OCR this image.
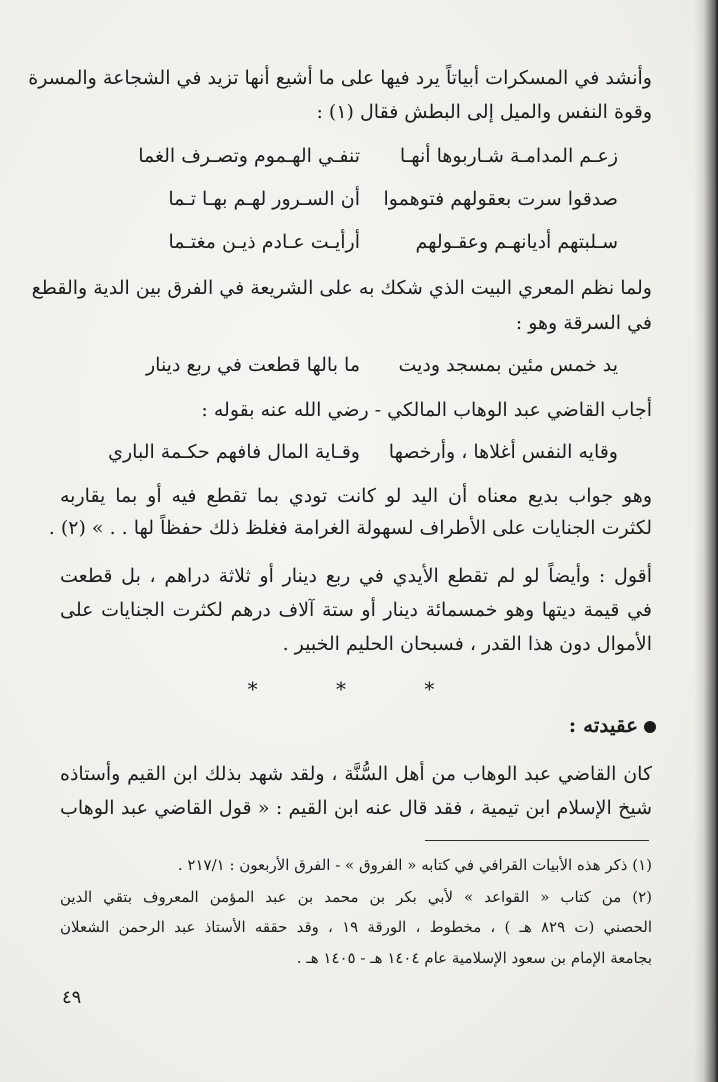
وأنشد في المسكرات أبياتاً يرد فيها على ما أشيع أنها تزيد في الشجاعة والمسرة
وقوة النفس والميل إلى البطش فقال (١) :
زعـم المدامـة شـاربوها أنهـا
تنفـي الهـموم وتصـرف الغما
صدقوا سرت بعقولهم فتوهموا
أن السـرور لهـم بهـا تـما
سـلبتهم أديانهـم وعقـولهم
أرأيـت عـادم ذيـن مغتـما
ولما نظم المعري البيت الذي شكك به على الشريعة في الفرق بين الدية والقطع
في السرقة وهو :
يد خمس مئين بمسجد وديت
ما بالها قطعت في ربع دينار
أجاب القاضي عبد الوهاب المالكي - رضي الله عنه بقوله :
وقايه النفس أغلاها ، وأرخصها
وقـاية المال فافهم حكـمة الباري
وهو جواب بديع معناه أن اليد لو كانت تودي بما تقطع فيه أو بما يقاربه
لكثرت الجنايات على الأطراف لسهولة الغرامة فغلظ ذلك حفظاً لها . . » (٢) .
أقول : وأيضاً لو لم تقطع الأيدي في ربع دينار أو ثلاثة دراهم ، بل قطعت
في قيمة ديتها وهو خمسمائة دينار أو ستة آلاف درهم لكثرت الجنايات على
الأموال دون هذا القدر ، فسبحان الحليم الخبير .
* * *
عقيدته :
كان القاضي عبد الوهاب من أهل السُّنَّة ، ولقد شهد بذلك ابن القيم وأستاذه
شيخ الإسلام ابن تيمية ، فقد قال عنه ابن القيم : « قول القاضي عبد الوهاب
(١) ذكر هذه الأبيات القرافي في كتابه « الفروق » - الفرق الأربعون : ٢١٧/١ .
(٢) من كتاب « القواعد » لأبي بكر بن محمد بن عبد المؤمن المعروف بتقي الدين
الحصني (ت ٨٢٩ هـ ) ، مخطوط ، الورقة ١٩ ، وقد حققه الأستاذ عبد الرحمن الشعلان
بجامعة الإمام بن سعود الإسلامية عام ١٤٠٤ هـ - ١٤٠٥ هـ .
٤٩
